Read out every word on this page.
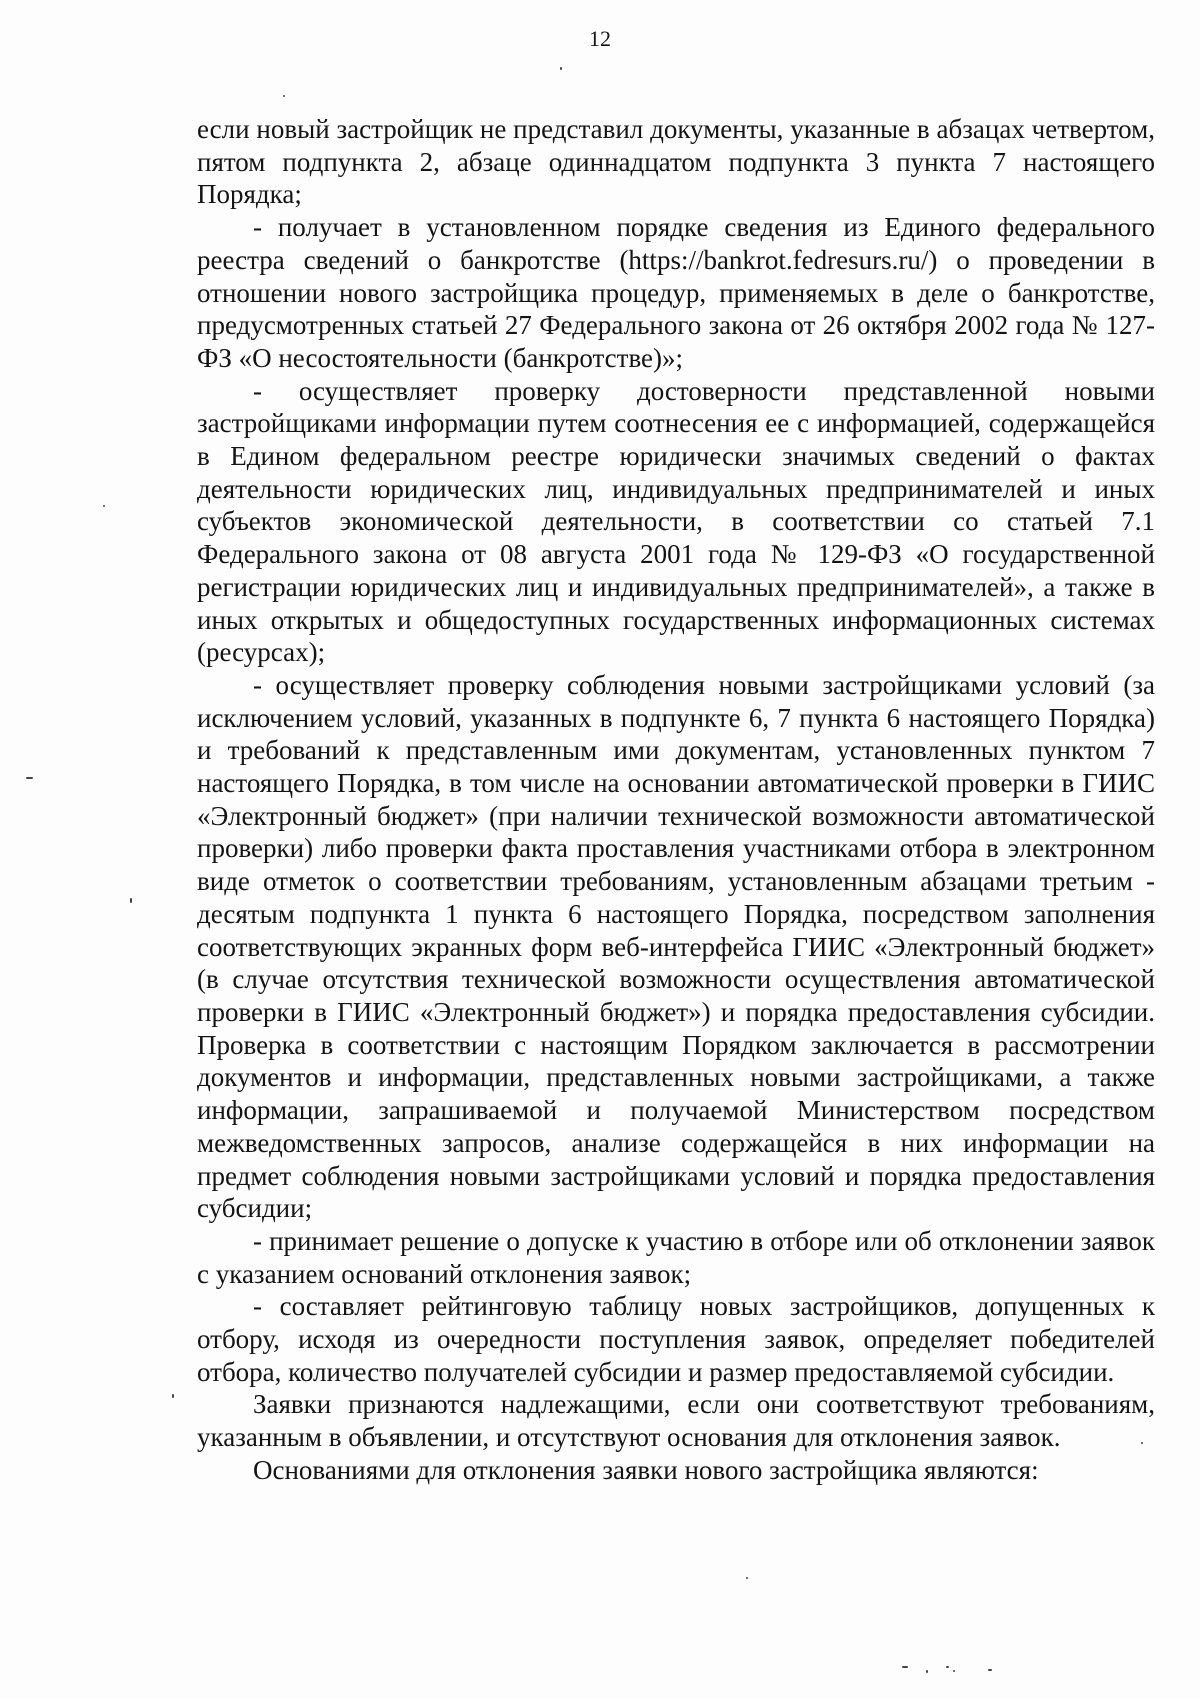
12

если новый застройщик не представил документы, указанные в абзацах четвертом, пятом подпункта 2, абзаце одиннадцатом подпункта 3 пункта 7 настоящего Порядка;

- получает в установленном порядке сведения из Единого федерального реестра сведений о банкротстве (https://bankrot.fedresurs.ru/) о проведении в отношении нового застройщика процедур, применяемых в деле о банкротстве, предусмотренных статьей 27 Федерального закона от 26 октября 2002 года № 127-ФЗ «О несостоятельности (банкротстве)»;

- осуществляет проверку достоверности представленной новыми застройщиками информации путем соотнесения ее с информацией, содержащейся в Едином федеральном реестре юридически значимых сведений о фактах деятельности юридических лиц, индивидуальных предпринимателей и иных субъектов экономической деятельности, в соответствии со статьей 7.1 Федерального закона от 08 августа 2001 года № 129-ФЗ «О государственной регистрации юридических лиц и индивидуальных предпринимателей», а также в иных открытых и общедоступных государственных информационных системах (ресурсах);

- осуществляет проверку соблюдения новыми застройщиками условий (за исключением условий, указанных в подпункте 6, 7 пункта 6 настоящего Порядка) и требований к представленным ими документам, установленных пунктом 7 настоящего Порядка, в том числе на основании автоматической проверки в ГИИС «Электронный бюджет» (при наличии технической возможности автоматической проверки) либо проверки факта проставления участниками отбора в электронном виде отметок о соответствии требованиям, установленным абзацами третьим - десятым подпункта 1 пункта 6 настоящего Порядка, посредством заполнения соответствующих экранных форм веб-интерфейса ГИИС «Электронный бюджет» (в случае отсутствия технической возможности осуществления автоматической проверки в ГИИС «Электронный бюджет») и порядка предоставления субсидии. Проверка в соответствии с настоящим Порядком заключается в рассмотрении документов и информации, представленных новыми застройщиками, а также информации, запрашиваемой и получаемой Министерством посредством межведомственных запросов, анализе содержащейся в них информации на предмет соблюдения новыми застройщиками условий и порядка предоставления субсидии;

- принимает решение о допуске к участию в отборе или об отклонении заявок с указанием оснований отклонения заявок;

- составляет рейтинговую таблицу новых застройщиков, допущенных к отбору, исходя из очередности поступления заявок, определяет победителей отбора, количество получателей субсидии и размер предоставляемой субсидии.

Заявки признаются надлежащими, если они соответствуют требованиям, указанным в объявлении, и отсутствуют основания для отклонения заявок.

Основаниями для отклонения заявки нового застройщика являются:
